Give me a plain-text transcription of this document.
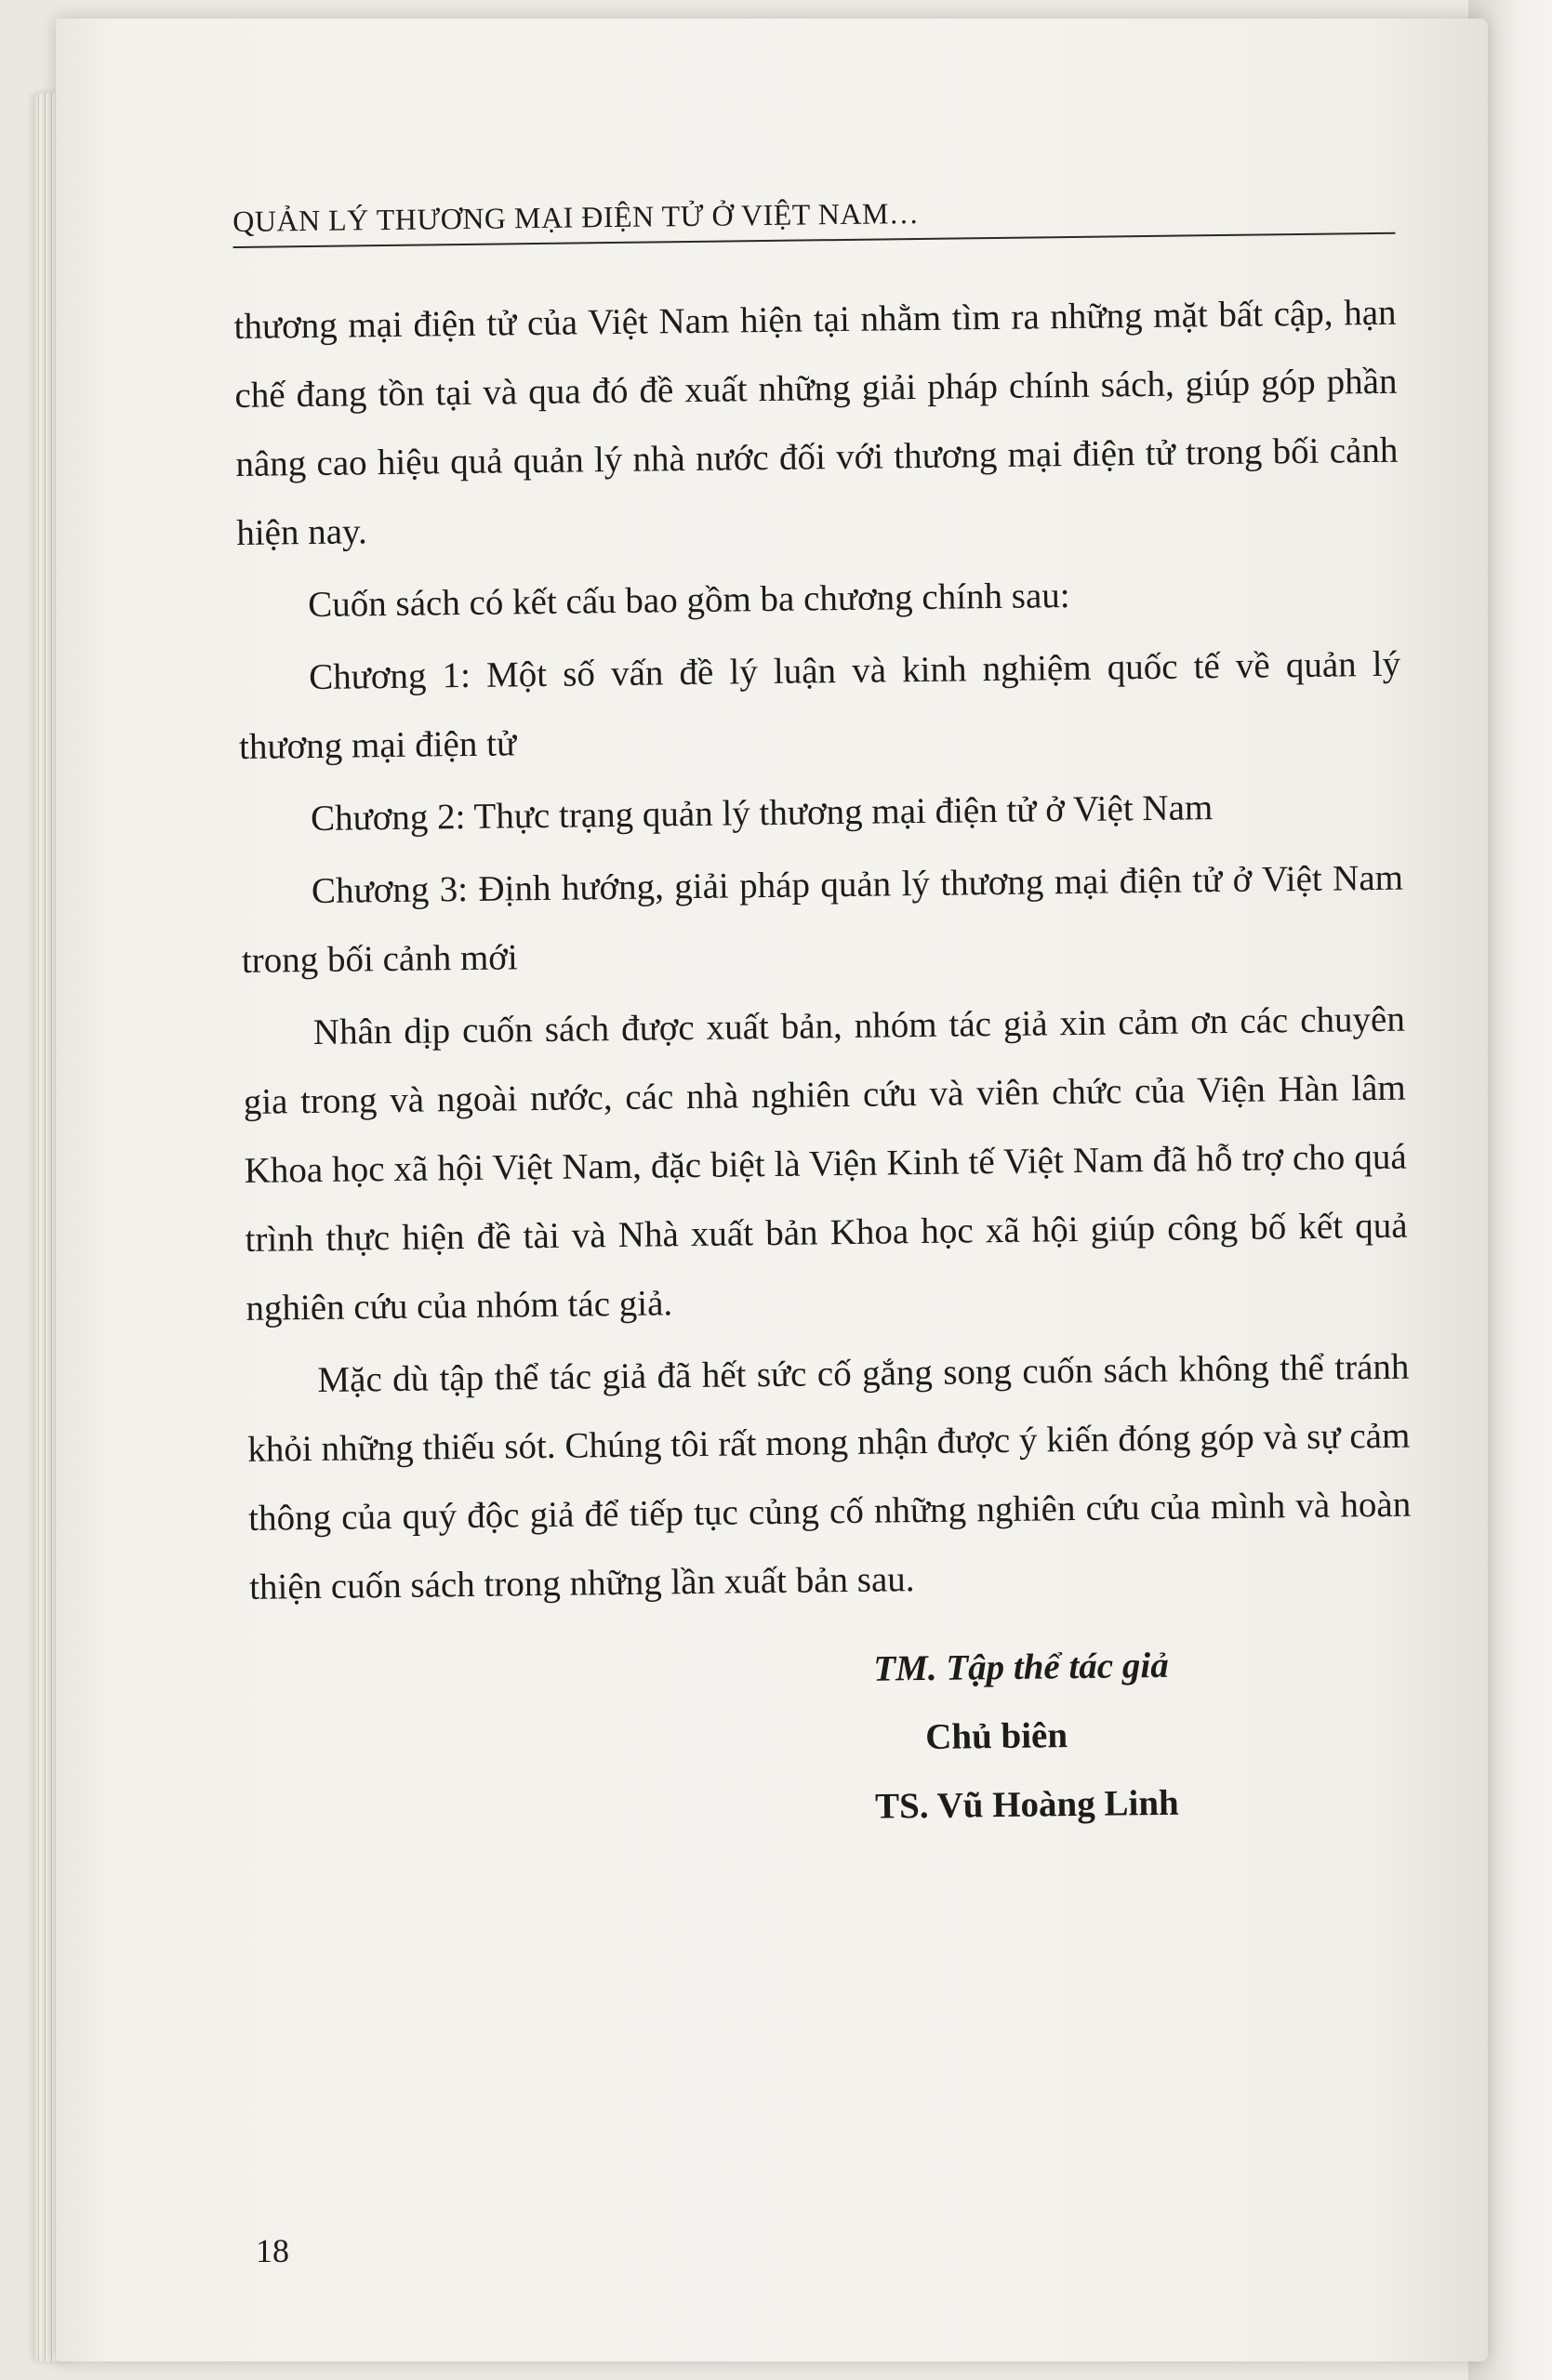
QUẢN LÝ THƯƠNG MẠI ĐIỆN TỬ Ở VIỆT NAM…

thương mại điện tử của Việt Nam hiện tại nhằm tìm ra những mặt bất cập, hạn chế đang tồn tại và qua đó đề xuất những giải pháp chính sách, giúp góp phần nâng cao hiệu quả quản lý nhà nước đối với thương mại điện tử trong bối cảnh hiện nay.

Cuốn sách có kết cấu bao gồm ba chương chính sau:

Chương 1: Một số vấn đề lý luận và kinh nghiệm quốc tế về quản lý thương mại điện tử

Chương 2: Thực trạng quản lý thương mại điện tử ở Việt Nam

Chương 3: Định hướng, giải pháp quản lý thương mại điện tử ở Việt Nam trong bối cảnh mới

Nhân dịp cuốn sách được xuất bản, nhóm tác giả xin cảm ơn các chuyên gia trong và ngoài nước, các nhà nghiên cứu và viên chức của Viện Hàn lâm Khoa học xã hội Việt Nam, đặc biệt là Viện Kinh tế Việt Nam đã hỗ trợ cho quá trình thực hiện đề tài và Nhà xuất bản Khoa học xã hội giúp công bố kết quả nghiên cứu của nhóm tác giả.

Mặc dù tập thể tác giả đã hết sức cố gắng song cuốn sách không thể tránh khỏi những thiếu sót. Chúng tôi rất mong nhận được ý kiến đóng góp và sự cảm thông của quý độc giả để tiếp tục củng cố những nghiên cứu của mình và hoàn thiện cuốn sách trong những lần xuất bản sau.

TM. Tập thể tác giả
Chủ biên
TS. Vũ Hoàng Linh
18
